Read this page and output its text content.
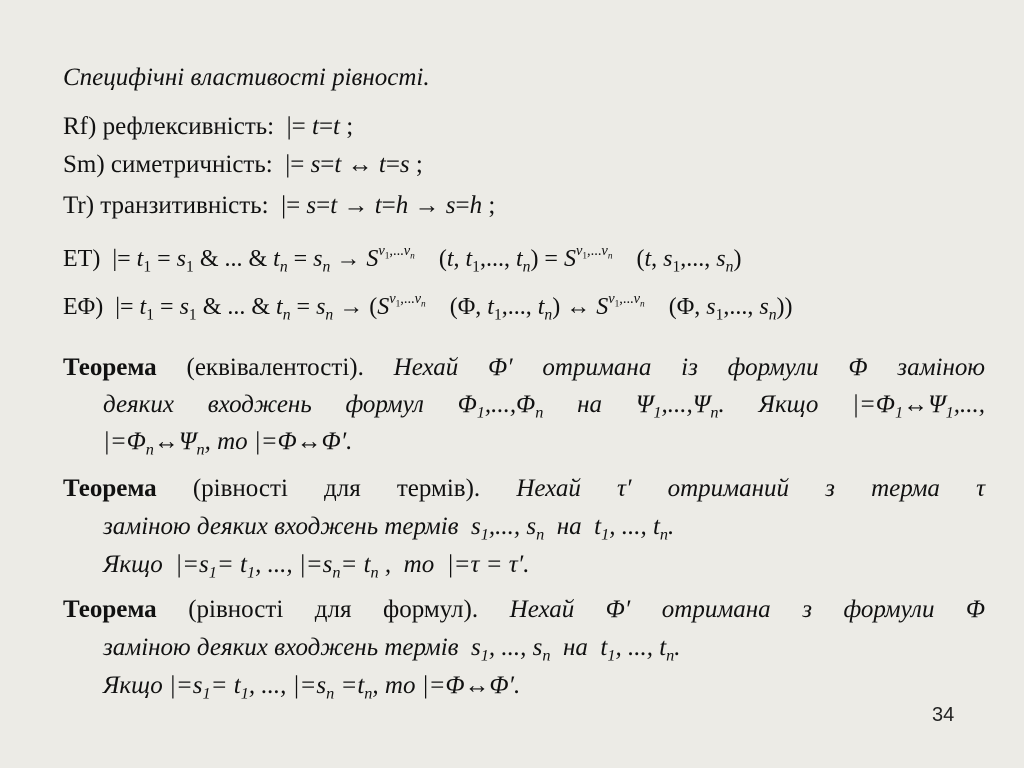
Специфічні властивості рівності.
Rf) рефлексивність: |= t=t ;
Sm) симетричність: |= s=t ↔ t=s ;
Tr) транзитивність: |= s=t → t=h → s=h ;
ET) |= $t_1 = s_1$ & ... & $t_n = s_n \to S^{v_1,...v_n}$    (t, $t_1$,..., $t_n) = S^{v_1,...v_n}$    (t, $s_1$,..., $s_n$)
EΦ) |= $t_1 = s_1$ & ... & $t_n = s_n \to (S^{v_1,...v_n}$    (Φ, $t_1$,..., $t_n$) ↔ $S^{v_1,...v_n}$    (Φ, $s_1$,..., $s_n$))
Теорема (еквівалентості). Нехай Φ′ отримана із формули Φ заміною
деяких входжень формул $\Phi_1,...,\Phi_n$ на $\Psi_1,...,\Psi_n$. Якщо $|=\Phi_1\leftrightarrow\Psi_1$,...,
$|=\Phi_n\leftrightarrow\Psi_n$, то |=Φ↔Φ′.
Теорема (рівності для термів). Нехай τ′ отриманий з терма τ
заміною деяких входжень термів  $s_1$,..., $s_n$  на  $t_1$, ..., $t_n$.
Якщо  $|=s_1= t_1$, ..., $|=s_n= t_n$ ,  то  |=τ = τ′.
Теорема (рівності для формул). Нехай Φ′ отримана з формули Φ
заміною деяких входжень термів  $s_1$, ..., $s_n$  на  $t_1$, ..., $t_n$.
Якщо $|=s_1= t_1$, ..., $|=s_n =t_n$, то |=Φ↔Φ′.
34
